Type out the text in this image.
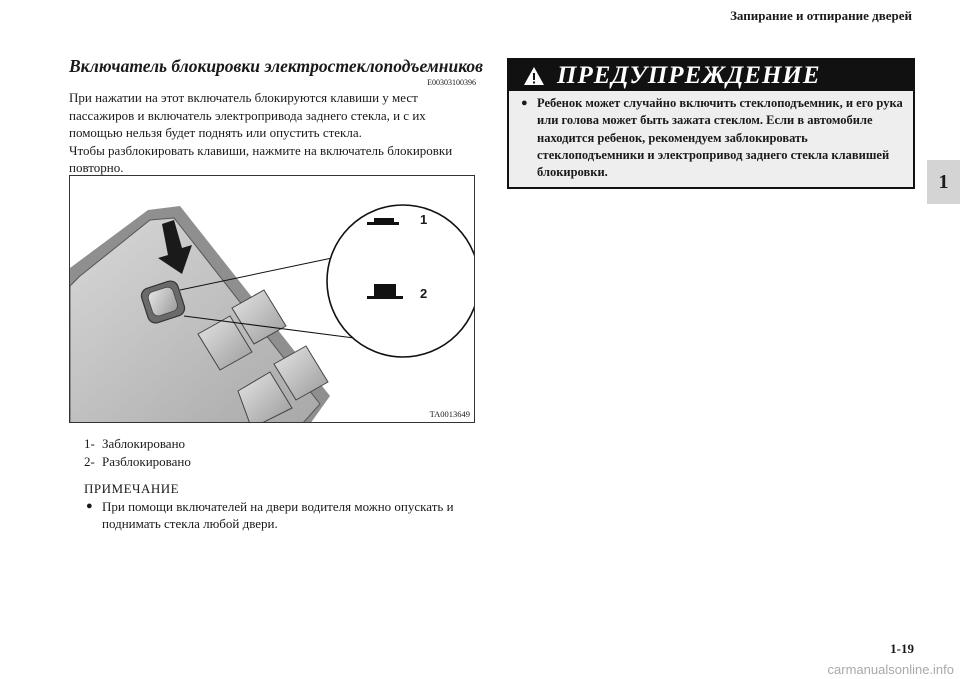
Запирание и отпирание дверей
Включатель блокировки электростеклоподъемников
E00303100396

При нажатии на этот включатель блокируются клавиши у мест пассажиров и включатель электропривода заднего стекла, и с их помощью нельзя будет поднять или опустить стекла.

Чтобы разблокировать клавиши, нажмите на включатель блокировки повторно.

1
2
TA0013649
1- Заблокировано
2- Разблокировано
ПРИМЕЧАНИЕ
● При помощи включателей на двери водителя можно опускать и поднимать стекла любой двери.
ПРЕДУПРЕЖДЕНИЕ
● Ребенок может случайно включить стеклоподъемник, и его рука или голова может быть зажата стеклом. Если в автомобиле находится ребенок, рекомендуем заблокировать стеклоподъемники и электропривод заднего стекла клавишей блокировки.	1
1-19
carmanualsonline.info
